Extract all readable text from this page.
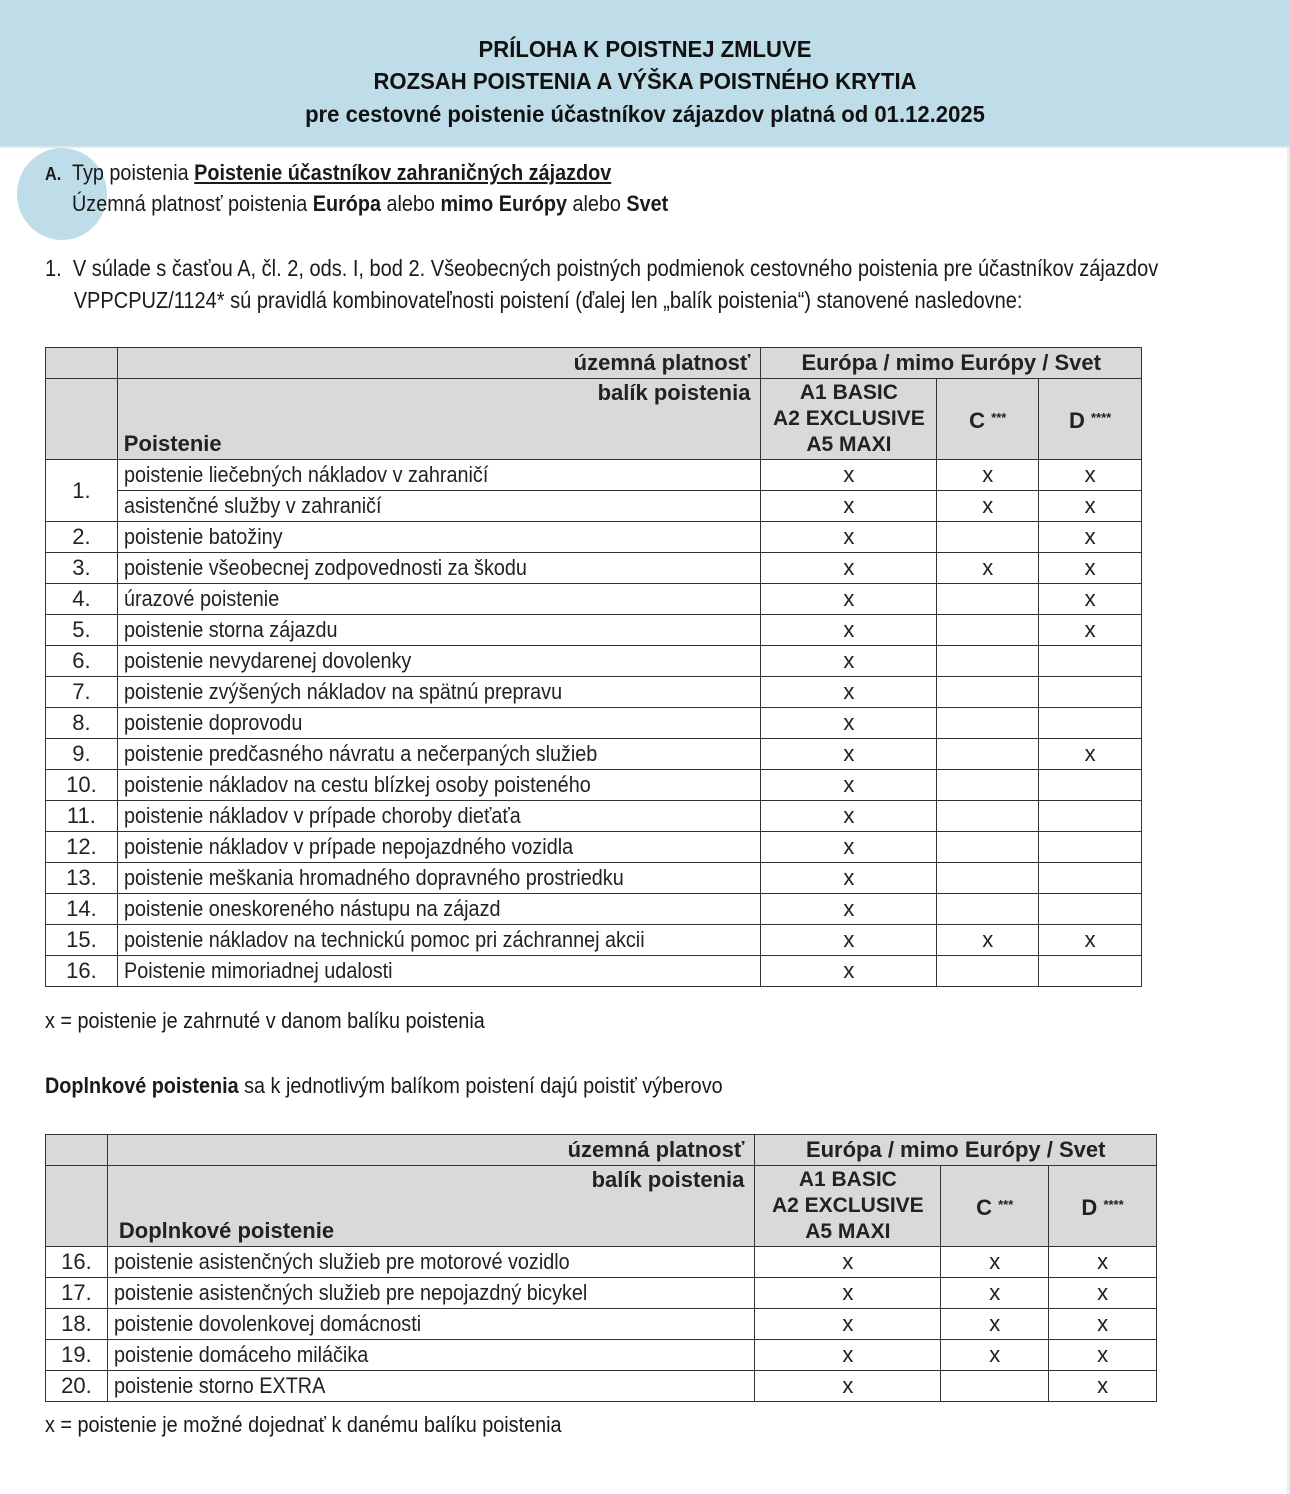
PRÍLOHA K POISTNEJ ZMLUVE
ROZSAH POISTENIA A VÝŠKA POISTNÉHO KRYTIA
pre cestovné poistenie účastníkov zájazdov platná od 01.12.2025
A. Typ poistenia Poistenie účastníkov zahraničných zájazdov
Územná platnosť poistenia Európa alebo mimo Európy alebo Svet
1. V súlade s časťou A, čl. 2, ods. I, bod 2. Všeobecných poistných podmienok cestovného poistenia pre účastníkov zájazdov
VPPCPUZ/1124* sú pravidlá kombinovateľnosti poistení (ďalej len „balík poistenia“) stanovené nasledovne:
	územná platnosť	Európa / mimo Európy / Svet		

balík poistenia
Poistenie

A1 BASIC
A2 EXCLUSIVE
A5 MAXI
	C ***	D ****
1.	poistenie liečebných nákladov v zahraničí	x	x	x
	asistenčné služby v zahraničí	x	x	x
2.	poistenie batožiny	x		x
3.	poistenie všeobecnej zodpovednosti za škodu	x	x	x
4.	úrazové poistenie	x		x
5.	poistenie storna zájazdu	x		x
6.	poistenie nevydarenej dovolenky	x		
7.	poistenie zvýšených nákladov na spätnú prepravu	x		
8.	poistenie doprovodu	x		
9.	poistenie predčasného návratu a nečerpaných služieb	x		x
10.	poistenie nákladov na cestu blízkej osoby poisteného	x		
11.	poistenie nákladov v prípade choroby dieťaťa	x		
12.	poistenie nákladov v prípade nepojazdného vozidla	x		
13.	poistenie meškania hromadného dopravného prostriedku	x		
14.	poistenie oneskoreného nástupu na zájazd	x		
15.	poistenie nákladov na technickú pomoc pri záchrannej akcii	x	x	x
16.	Poistenie mimoriadnej udalosti	x		
x = poistenie je zahrnuté v danom balíku poistenia
Doplnkové poistenia sa k jednotlivým balíkom poistení dajú poistiť výberovo
	územná platnosť	Európa / mimo Európy / Svet		

balík poistenia
Doplnkové poistenie

A1 BASIC
A2 EXCLUSIVE
A5 MAXI
	C ***	D ****
16.	poistenie asistenčných služieb pre motorové vozidlo	x	x	x
17.	poistenie asistenčných služieb pre nepojazdný bicykel	x	x	x
18.	poistenie dovolenkovej domácnosti	x	x	x
19.	poistenie domáceho miláčika	x	x	x
20.	poistenie storno EXTRA	x		x
x = poistenie je možné dojednať k danému balíku poistenia
